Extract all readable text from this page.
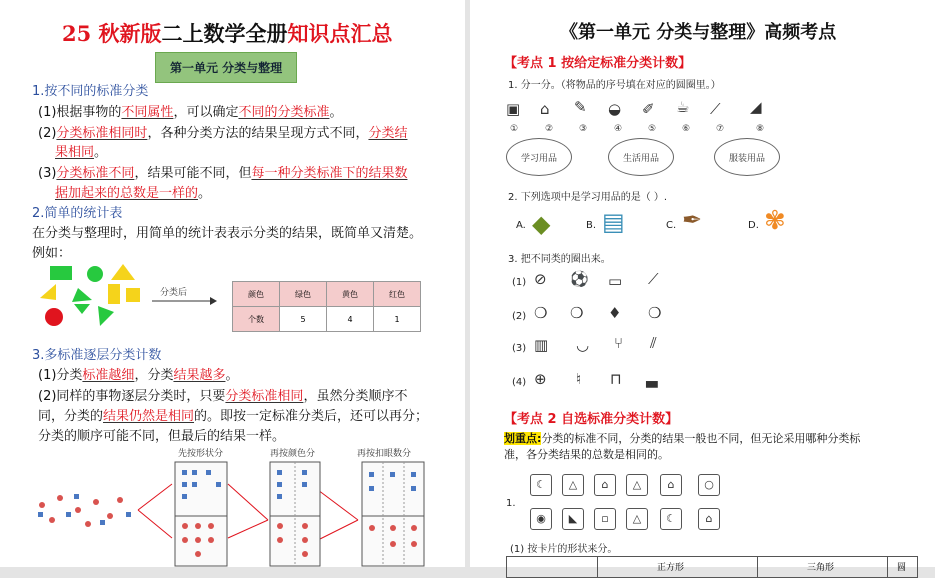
25 秋新版二上数学全册知识点汇总
第一单元 分类与整理
1.按不同的标准分类
(1)根据事物的不同属性，可以确定不同的分类标准。
(2)分类标准相同时，各种分类方法的结果呈现方式不同，分类结
果相同。
(3)分类标准不同，结果可能不同，但每一种分类标准下的结果数
据加起来的总数是一样的。
2.简单的统计表
在分类与整理时，用简单的统计表表示分类的结果，既简单又清楚。
例如：
分类后	颜色	绿色	黄色	红色
个数	5	4	1
3.多标准逐层分类计数
(1)分类标准越细，分类结果越多。
(2)同样的事物逐层分类时，只要分类标准相同，虽然分类顺序不
同，分类的结果仍然是相同的。即按一定标准分类后，还可以再分；
分类的顺序可能不同，但最后的结果一样。
先按形状分	再按颜色分	再按扣眼数分
《第一单元 分类与整理》高频考点
【考点 1 按给定标准分类计数】
1. 分一分。（将物品的序号填在对应的圆圈里。）
▣ ⌂ ✎ ◒ ✐ ☕ ⟋ ◢
①	②	③	④	⑤	⑥	⑦	⑧
学习用品	生活用品	服装用品
2. 下列选项中是学习用品的是（ ）.
A. ◆	B. ▤	C. ✒	D. ✾
3. 把不同类的圈出来。
(1) ⊘ ⚽ ▭ ⟋
(2) ❍ ❍ ♦ ❍
(3) ▥ ◡ ⑂ ⫽
(4) ⊕ ♮ ⊓ ▃
【考点 2 自选标准分类计数】
划重点:分类的标准不同，分类的结果一般也不同，但无论采用哪种分类标
准，各分类结果的总数是相同的。
1.
☾	△	⌂	△	⌂	○
◉	◣	▫	△	☾	⌂
(1) 按卡片的形状来分。
正方形	三角形	圆
